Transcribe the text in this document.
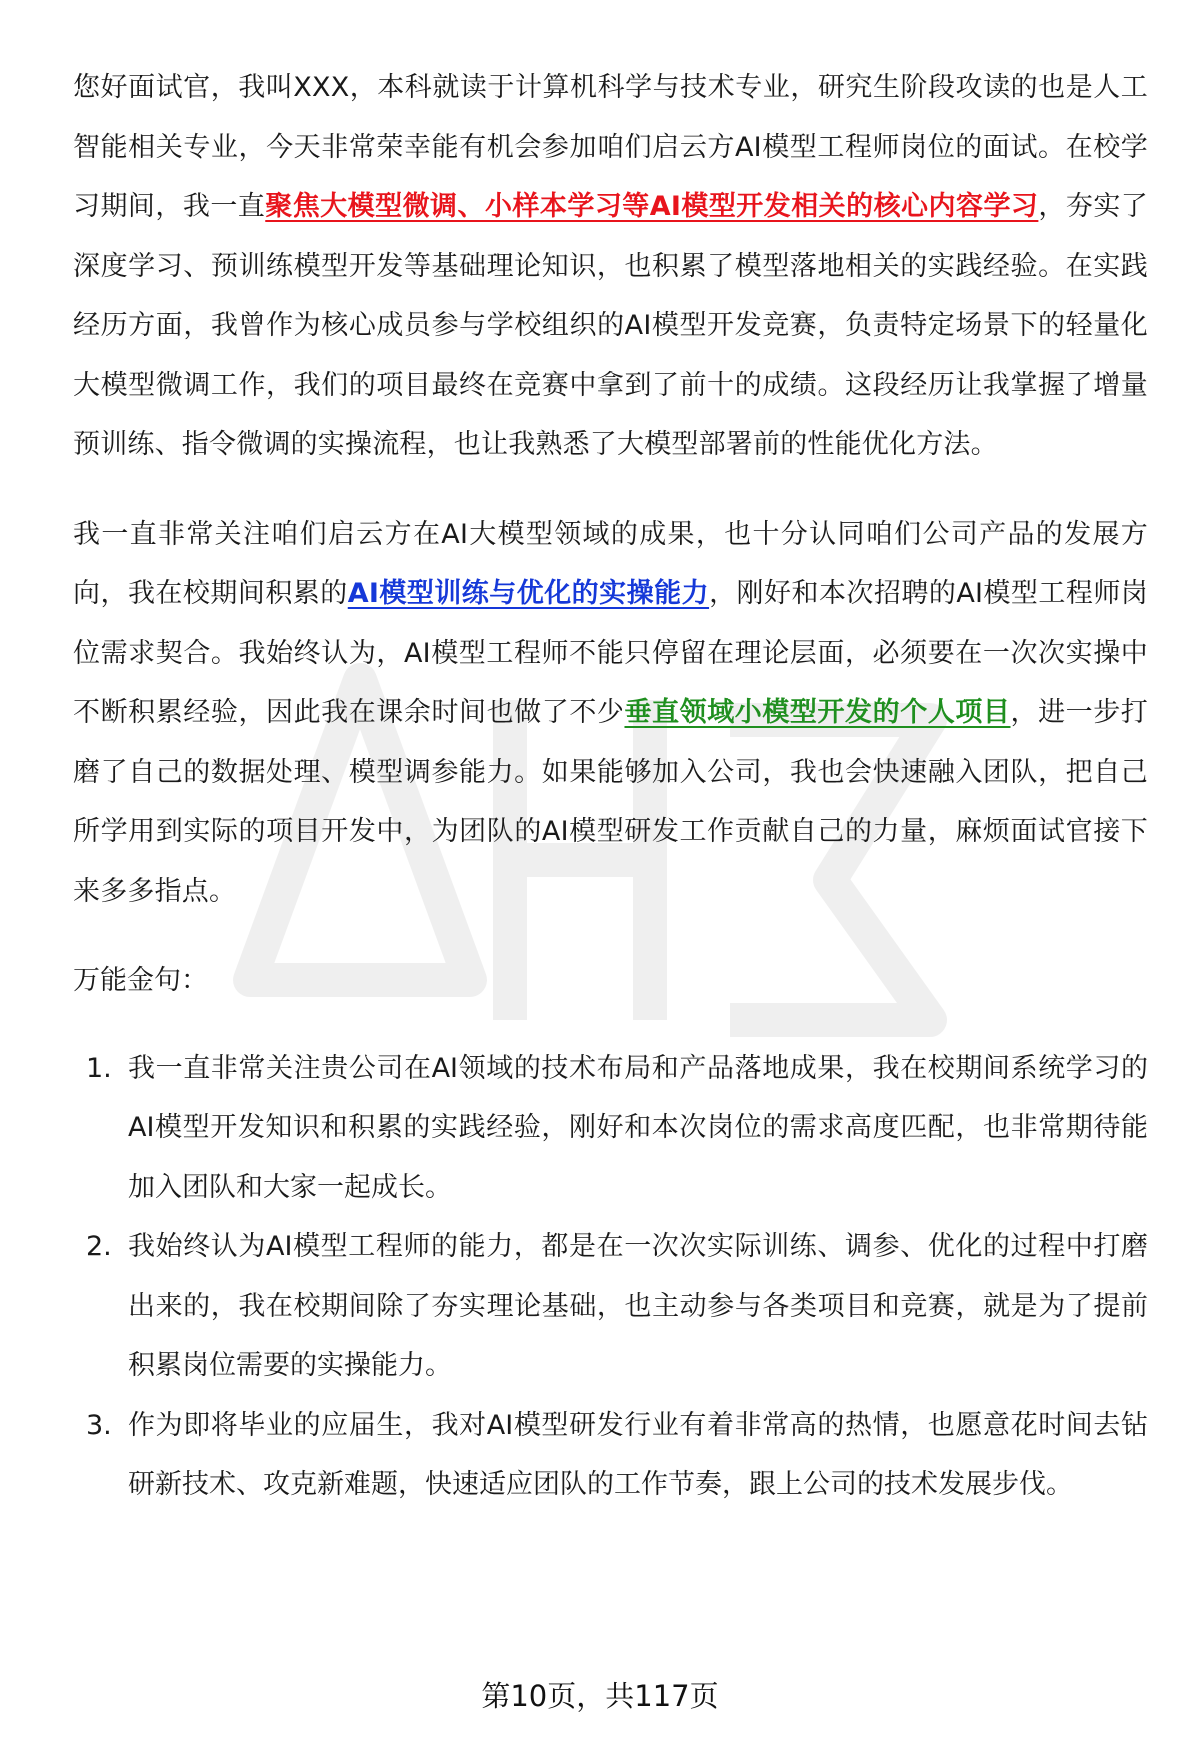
您好面试官，我叫XXX，本科就读于计算机科学与技术专业，研究生阶段攻读的也是人工智能相关专业，今天非常荣幸能有机会参加咱们启云方AI模型工程师岗位的面试。在校学习期间，我一直聚焦大模型微调、小样本学习等AI模型开发相关的核心内容学习，夯实了深度学习、预训练模型开发等基础理论知识，也积累了模型落地相关的实践经验。在实践经历方面，我曾作为核心成员参与学校组织的AI模型开发竞赛，负责特定场景下的轻量化大模型微调工作，我们的项目最终在竞赛中拿到了前十的成绩。这段经历让我掌握了增量预训练、指令微调的实操流程，也让我熟悉了大模型部署前的性能优化方法。

我一直非常关注咱们启云方在AI大模型领域的成果，也十分认同咱们公司产品的发展方向，我在校期间积累的AI模型训练与优化的实操能力，刚好和本次招聘的AI模型工程师岗位需求契合。我始终认为，AI模型工程师不能只停留在理论层面，必须要在一次次实操中不断积累经验，因此我在课余时间也做了不少垂直领域小模型开发的个人项目，进一步打磨了自己的数据处理、模型调参能力。如果能够加入公司，我也会快速融入团队，把自己所学用到实际的项目开发中，为团队的AI模型研发工作贡献自己的力量，麻烦面试官接下来多多指点。

万能金句：
1. 我一直非常关注贵公司在AI领域的技术布局和产品落地成果，我在校期间系统学习的AI模型开发知识和积累的实践经验，刚好和本次岗位的需求高度匹配，也非常期待能加入团队和大家一起成长。
2. 我始终认为AI模型工程师的能力，都是在一次次实际训练、调参、优化的过程中打磨出来的，我在校期间除了夯实理论基础，也主动参与各类项目和竞赛，就是为了提前积累岗位需要的实操能力。
3. 作为即将毕业的应届生，我对AI模型研发行业有着非常高的热情，也愿意花时间去钻研新技术、攻克新难题，快速适应团队的工作节奏，跟上公司的技术发展步伐。
第10页，共117页
